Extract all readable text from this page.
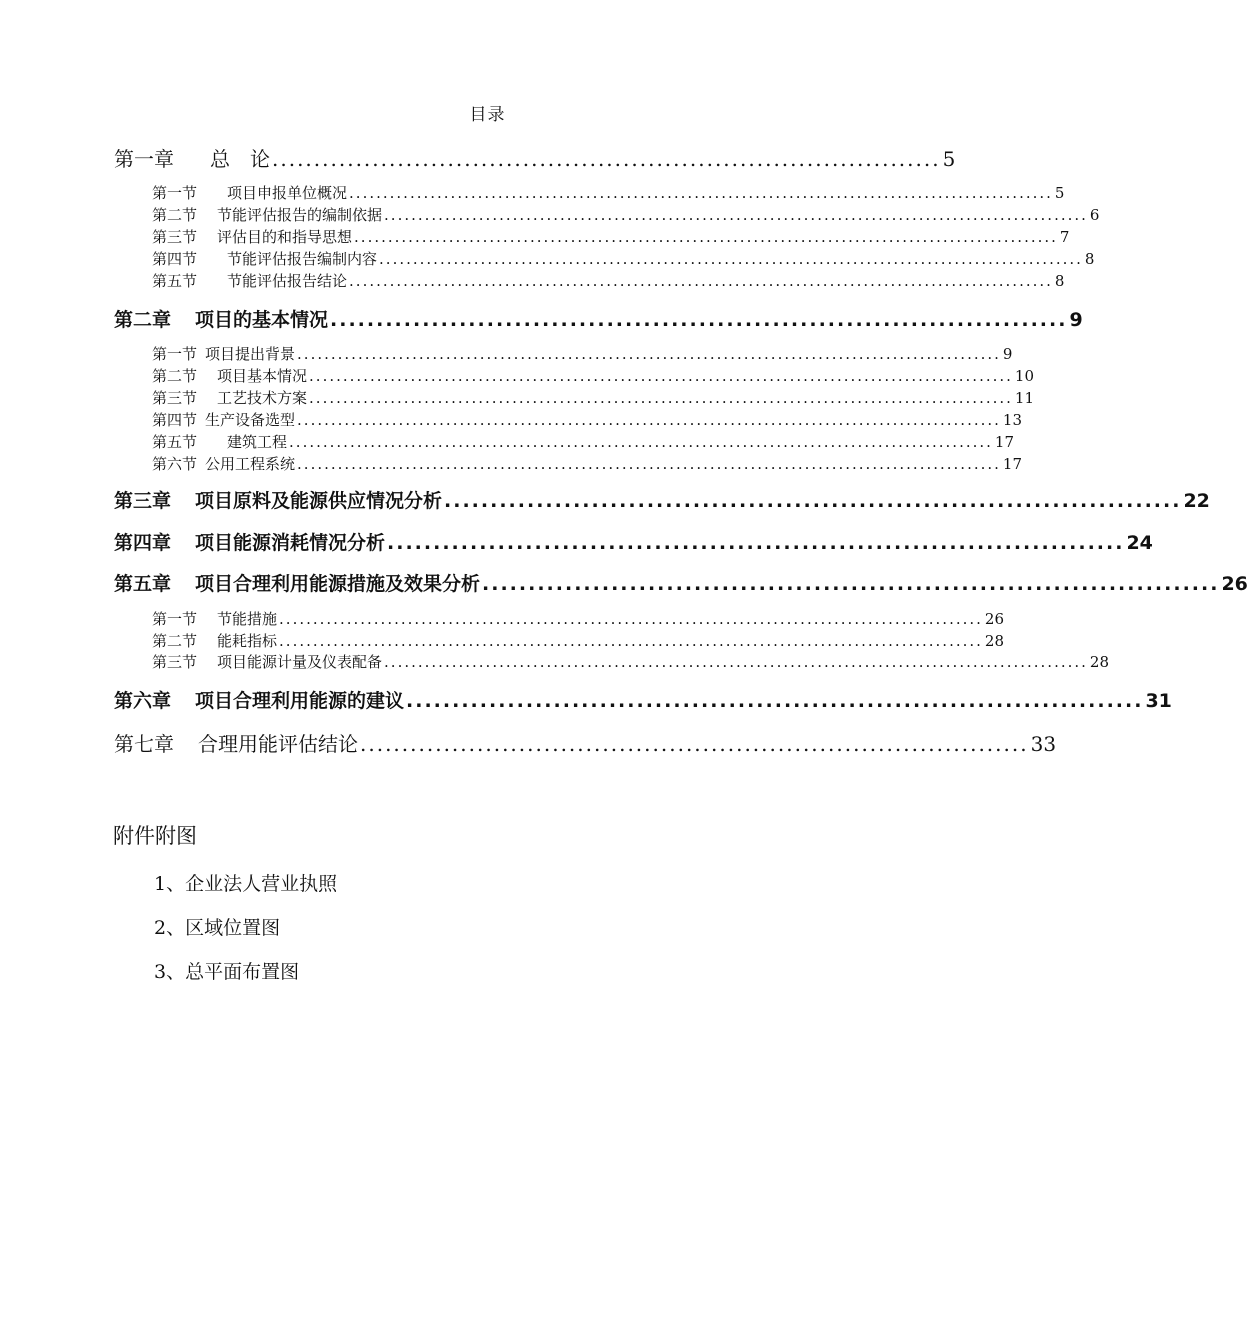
目录
第一章 总　论 ................................................................................ 5
第一节 项目申报单位概况 ........................................................................................................ 5
第二节 节能评估报告的编制依据 ........................................................................................................ 6
第三节 评估目的和指导思想 ........................................................................................................ 7
第四节 节能评估报告编制内容 ........................................................................................................ 8
第五节 节能评估报告结论 ........................................................................................................ 8
第二章 项目的基本情况 ................................................................................ 9
第一节 项目提出背景 ........................................................................................................ 9
第二节 项目基本情况 ........................................................................................................ 10
第三节 工艺技术方案 ........................................................................................................ 11
第四节 生产设备选型 ........................................................................................................ 13
第五节 建筑工程 ........................................................................................................ 17
第六节 公用工程系统 ........................................................................................................ 17
第三章 项目原料及能源供应情况分析 ................................................................................ 22
第四章 项目能源消耗情况分析 ................................................................................ 24
第五章 项目合理利用能源措施及效果分析 ................................................................................ 26
第一节 节能措施 ........................................................................................................ 26
第二节 能耗指标 ........................................................................................................ 28
第三节 项目能源计量及仪表配备 ........................................................................................................ 28
第六章 项目合理利用能源的建议 ................................................................................ 31
第七章 合理用能评估结论 ................................................................................ 33
附件附图
1、企业法人营业执照
2、区域位置图
3、总平面布置图
